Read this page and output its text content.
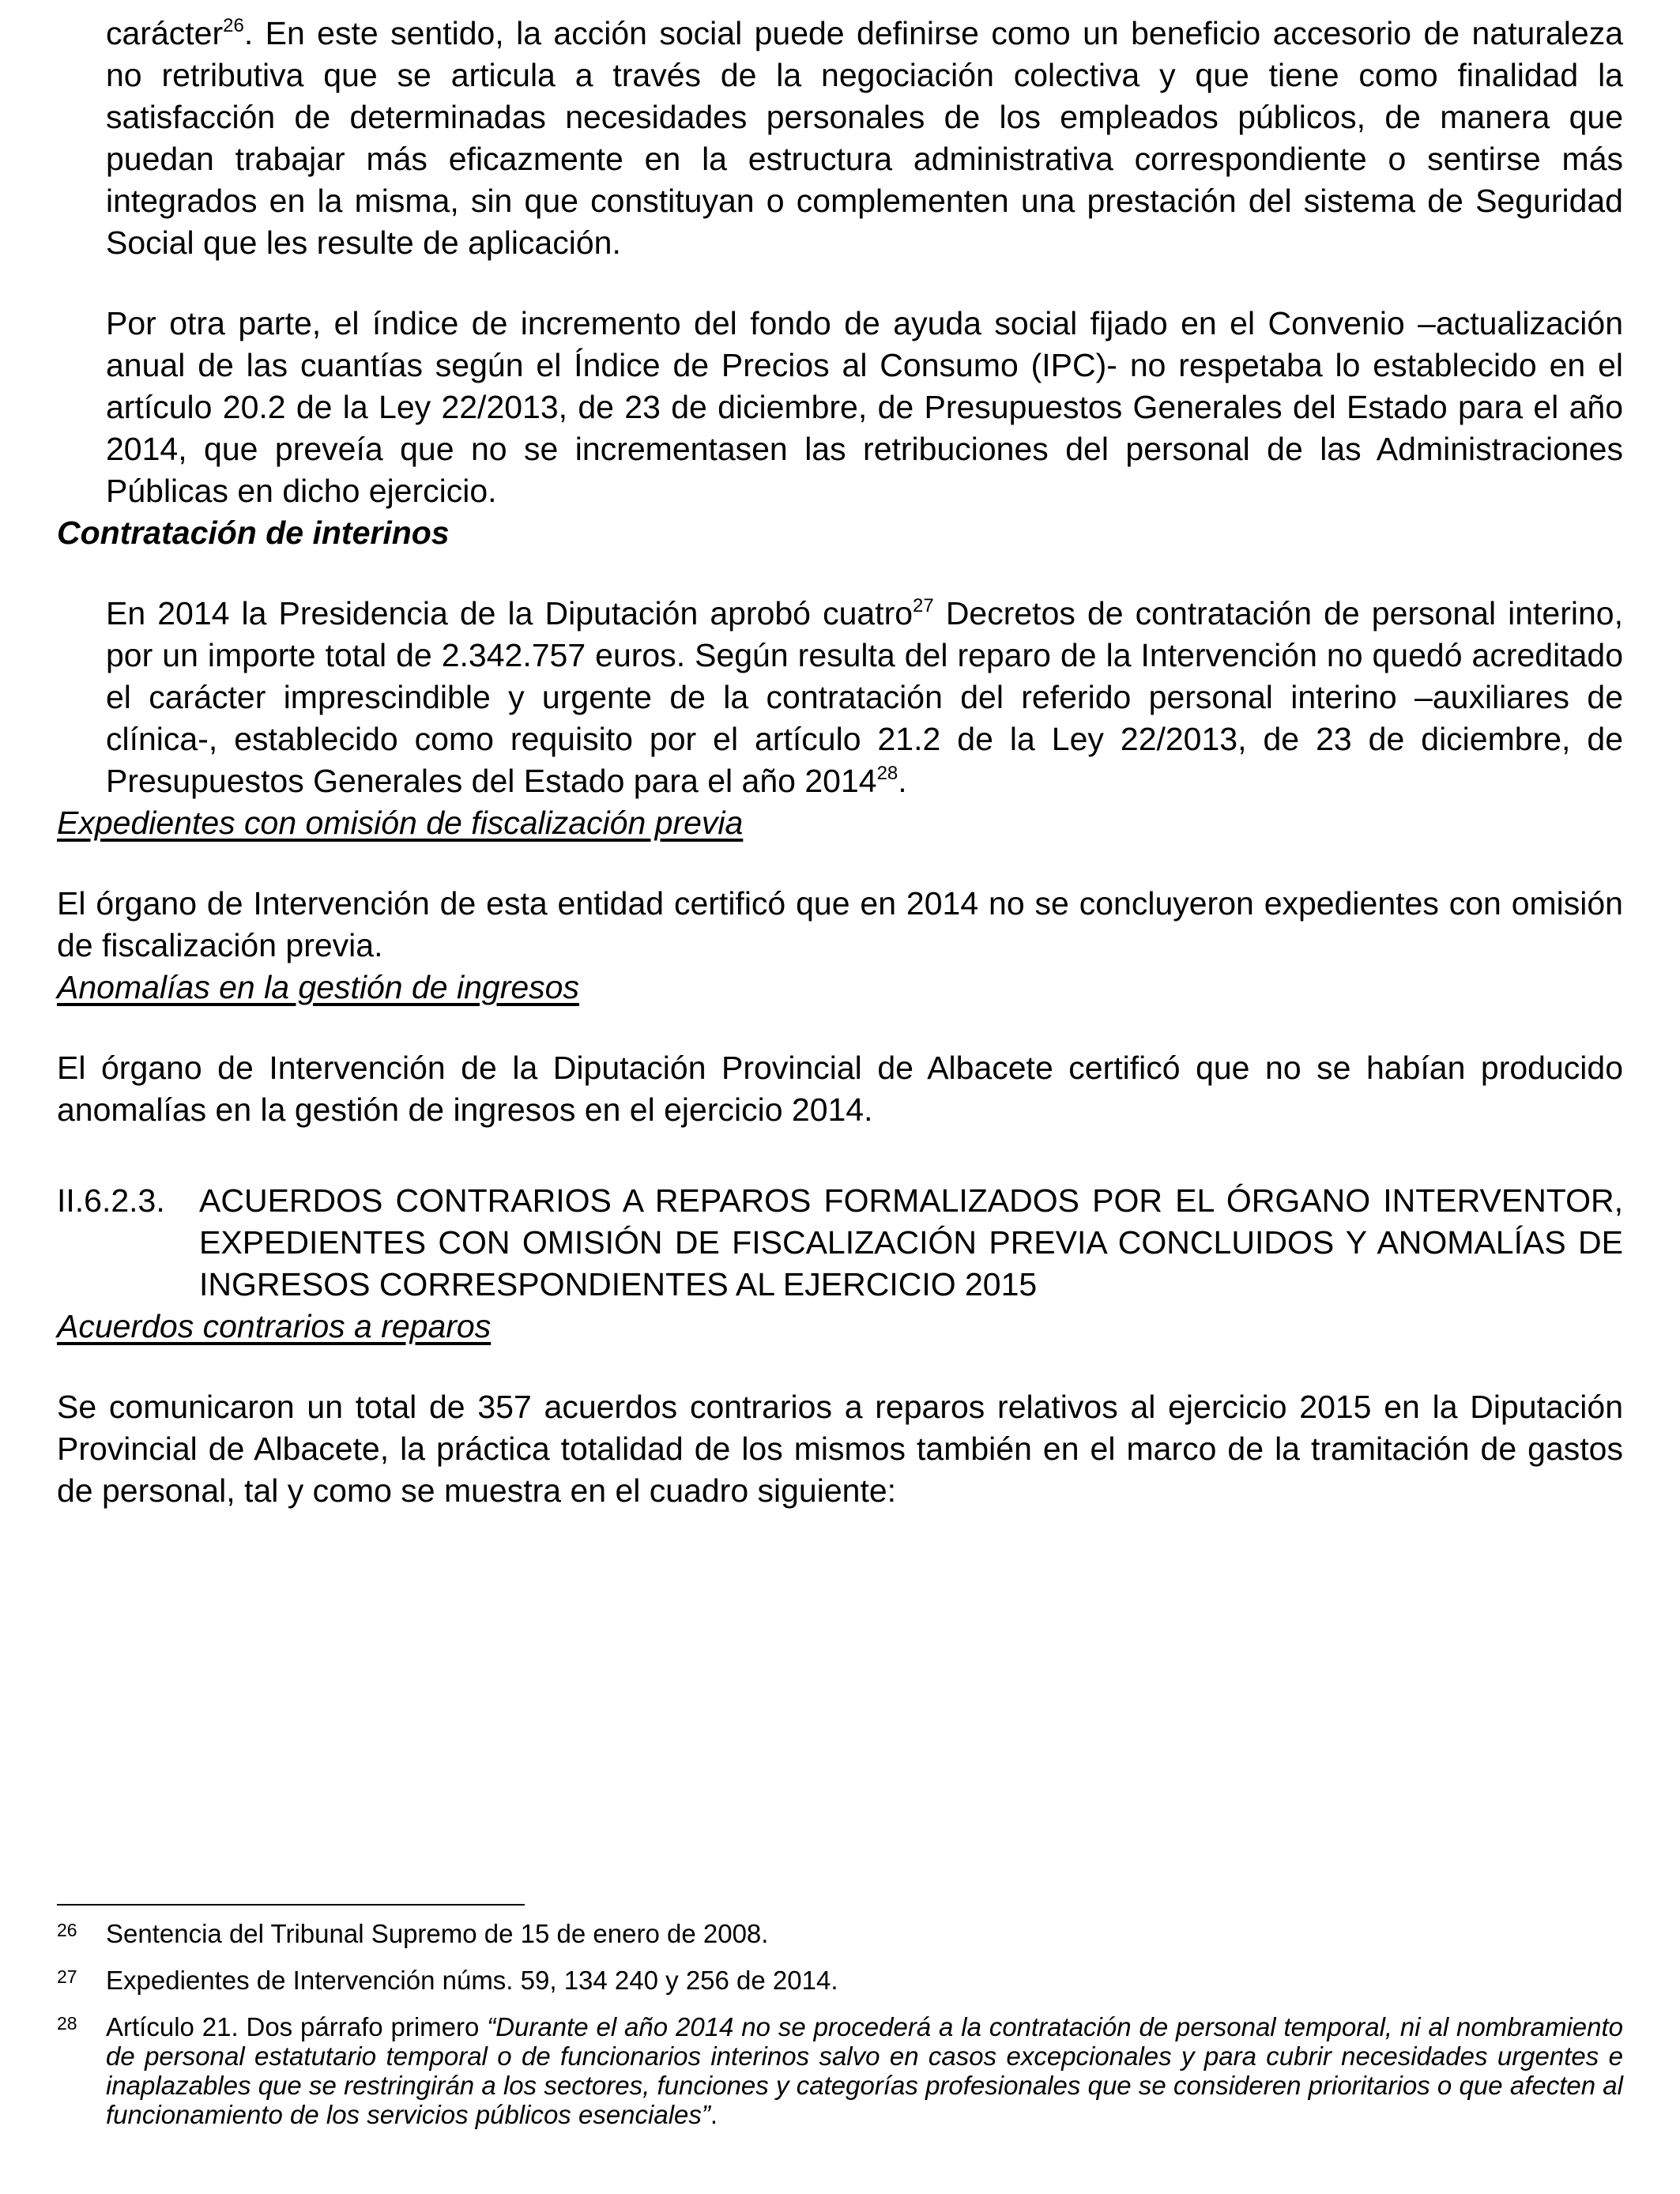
carácter$^{26}$. En este sentido, la acción social puede definirse como un beneficio accesorio de naturaleza no retributiva que se articula a través de la negociación colectiva y que tiene como finalidad la satisfacción de determinadas necesidades personales de los empleados públicos, de manera que puedan trabajar más eficazmente en la estructura administrativa correspondiente o sentirse más integrados en la misma, sin que constituyan o complementen una prestación del sistema de Seguridad Social que les resulte de aplicación.

Por otra parte, el índice de incremento del fondo de ayuda social fijado en el Convenio –actualización anual de las cuantías según el Índice de Precios al Consumo (IPC)- no respetaba lo establecido en el artículo 20.2 de la Ley 22/2013, de 23 de diciembre, de Presupuestos Generales del Estado para el año 2014, que preveía que no se incrementasen las retribuciones del personal de las Administraciones Públicas en dicho ejercicio.

Contratación de interinos

En 2014 la Presidencia de la Diputación aprobó cuatro$^{27}$ Decretos de contratación de personal interino, por un importe total de 2.342.757 euros. Según resulta del reparo de la Intervención no quedó acreditado el carácter imprescindible y urgente de la contratación del referido personal interino –auxiliares de clínica-, establecido como requisito por el artículo 21.2 de la Ley 22/2013, de 23 de diciembre, de Presupuestos Generales del Estado para el año 2014$^{28}$.

Expedientes con omisión de fiscalización previa

El órgano de Intervención de esta entidad certificó que en 2014 no se concluyeron expedientes con omisión de fiscalización previa.

Anomalías en la gestión de ingresos

El órgano de Intervención de la Diputación Provincial de Albacete certificó que no se habían producido anomalías en la gestión de ingresos en el ejercicio 2014.

II.6.2.3.	ACUERDOS CONTRARIOS A REPAROS FORMALIZADOS POR EL ÓRGANO INTERVENTOR, EXPEDIENTES CON OMISIÓN DE FISCALIZACIÓN PREVIA CONCLUIDOS Y ANOMALÍAS DE INGRESOS CORRESPONDIENTES AL EJERCICIO 2015

Acuerdos contrarios a reparos

Se comunicaron un total de 357 acuerdos contrarios a reparos relativos al ejercicio 2015 en la Diputación Provincial de Albacete, la práctica totalidad de los mismos también en el marco de la tramitación de gastos de personal, tal y como se muestra en el cuadro siguiente:

26	Sentencia del Tribunal Supremo de 15 de enero de 2008.
27	Expedientes de Intervención núms. 59, 134 240 y 256 de 2014.
28	Artículo 21. Dos párrafo primero “Durante el año 2014 no se procederá a la contratación de personal temporal, ni al nombramiento de personal estatutario temporal o de funcionarios interinos salvo en casos excepcionales y para cubrir necesidades urgentes e inaplazables que se restringirán a los sectores, funciones y categorías profesionales que se consideren prioritarios o que afecten al funcionamiento de los servicios públicos esenciales”.
